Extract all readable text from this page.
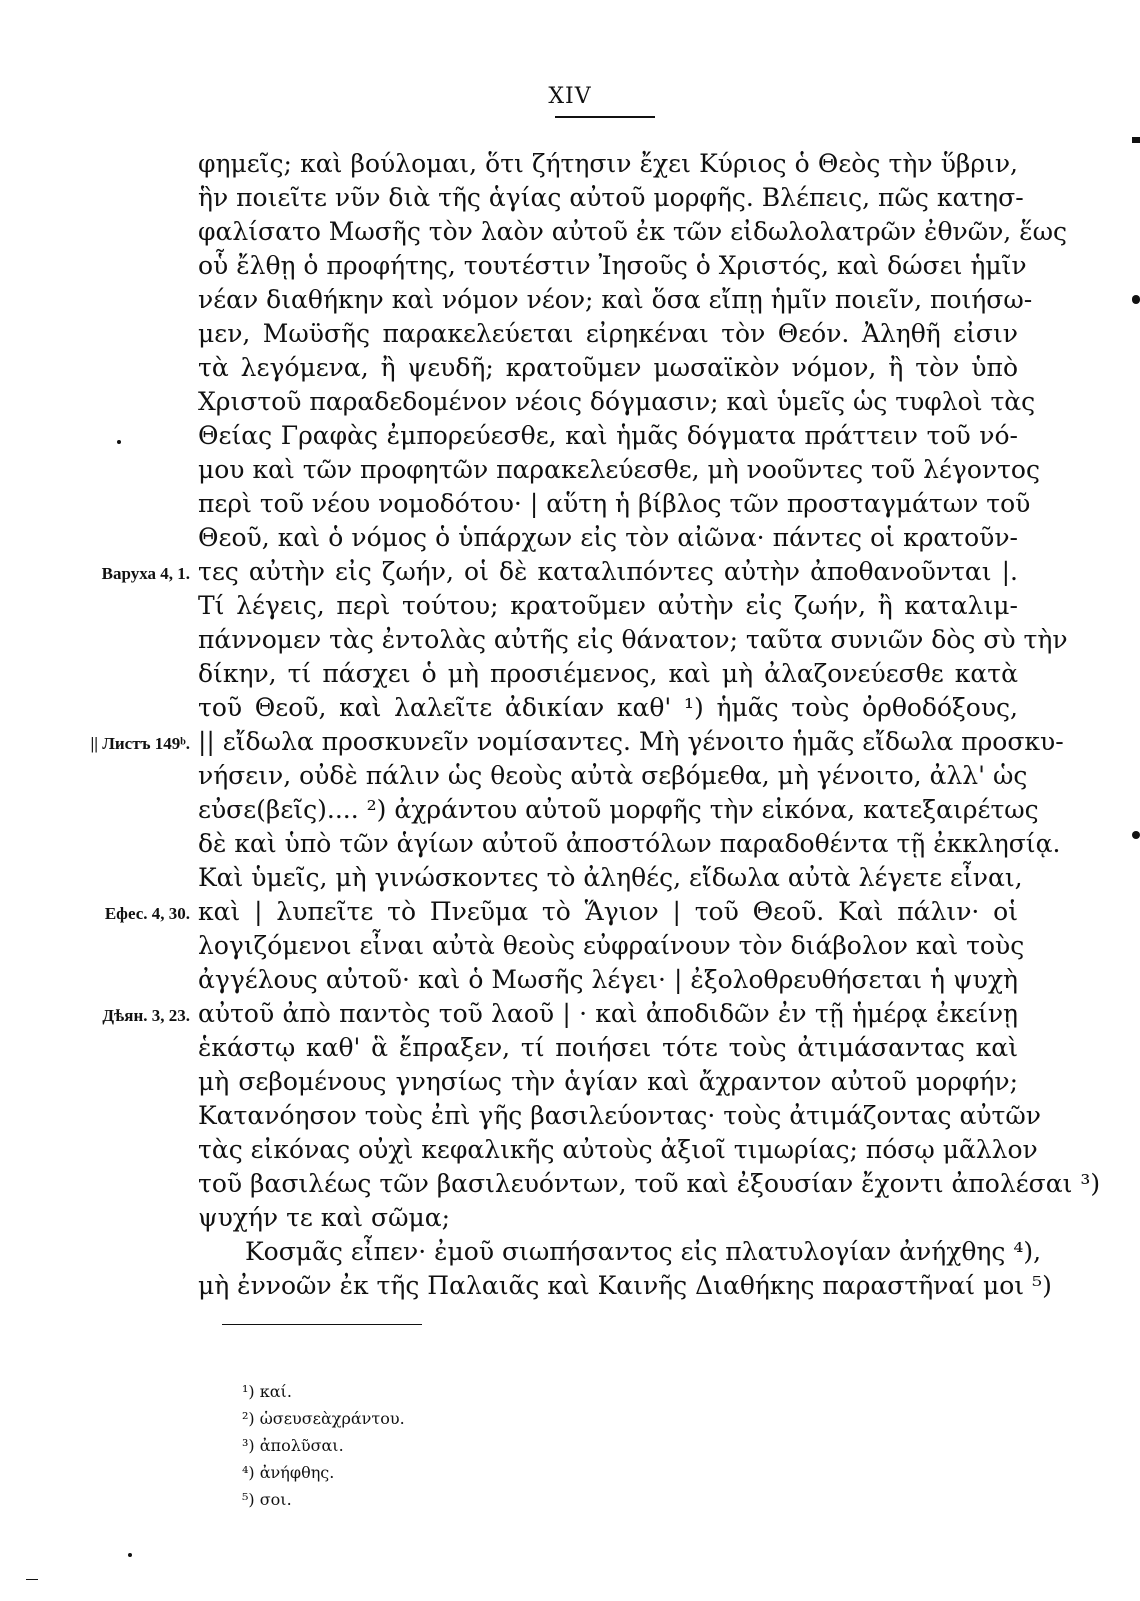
XIV
φημεῖς; καὶ βούλομαι, ὅτι ζήτησιν ἔχει Κύριος ὁ Θεὸς τὴν ὕβριν,
ἣν ποιεῖτε νῦν διὰ τῆς ἁγίας αὐτοῦ μορφῆς. Βλέπεις, πῶς κατησ-
φαλίσατο Μωσῆς τὸν λαὸν αὐτοῦ ἐκ τῶν εἰδωλολατρῶν ἐθνῶν, ἕως
οὗ ἔλθῃ ὁ προφήτης, τουτέστιν Ἰησοῦς ὁ Χριστός, καὶ δώσει ἡμῖν
νέαν διαθήκην καὶ νόμον νέον; καὶ ὅσα εἴπῃ ἡμῖν ποιεῖν, ποιήσω-
μεν, Μωϋσῆς παρακελεύεται εἰρηκέναι τὸν Θεόν. Ἀληθῆ εἰσιν
τὰ λεγόμενα, ἢ ψευδῆ; κρατοῦμεν μωσαϊκὸν νόμον, ἢ τὸν ὑπὸ
Χριστοῦ παραδεδομένον νέοις δόγμασιν; καὶ ὑμεῖς ὡς τυφλοὶ τὰς
Θείας Γραφὰς ἐμπορεύεσθε, καὶ ἡμᾶς δόγματα πράττειν τοῦ νό-
μου καὶ τῶν προφητῶν παρακελεύεσθε, μὴ νοοῦντες τοῦ λέγοντος
περὶ τοῦ νέου νομοδότου· | αὕτη ἡ βίβλος τῶν προσταγμάτων τοῦ
Θεοῦ, καὶ ὁ νόμος ὁ ὑπάρχων εἰς τὸν αἰῶνα· πάντες οἱ κρατοῦν-
τες αὐτὴν εἰς ζωήν, οἱ δὲ καταλιπόντες αὐτὴν ἀποθανοῦνται |.
Τί λέγεις, περὶ τούτου; κρατοῦμεν αὐτὴν εἰς ζωήν, ἢ καταλιμ-
πάννομεν τὰς ἐντολὰς αὐτῆς εἰς θάνατον; ταῦτα συνιῶν δὸς σὺ τὴν
δίκην, τί πάσχει ὁ μὴ προσιέμενος, καὶ μὴ ἀλαζονεύεσθε κατὰ
τοῦ Θεοῦ, καὶ λαλεῖτε ἀδικίαν καθ' ¹) ἡμᾶς τοὺς ὀρθοδόξους,
|| εἴδωλα προσκυνεῖν νομίσαντες. Μὴ γένοιτο ἡμᾶς εἴδωλα προσκυ-
νήσειν, οὐδὲ πάλιν ὡς θεοὺς αὐτὰ σεβόμεθα, μὴ γένοιτο, ἀλλ' ὡς
εὐσε(βεῖς).... ²) ἀχράντου αὐτοῦ μορφῆς τὴν εἰκόνα, κατεξαιρέτως
δὲ καὶ ὑπὸ τῶν ἁγίων αὐτοῦ ἀποστόλων παραδοθέντα τῇ ἐκκλησίᾳ.
Καὶ ὑμεῖς, μὴ γινώσκοντες τὸ ἀληθές, εἴδωλα αὐτὰ λέγετε εἶναι,
καὶ | λυπεῖτε τὸ Πνεῦμα τὸ Ἅγιον | τοῦ Θεοῦ. Καὶ πάλιν· οἱ
λογιζόμενοι εἶναι αὐτὰ θεοὺς εὐφραίνουν τὸν διάβολον καὶ τοὺς
ἀγγέλους αὐτοῦ· καὶ ὁ Μωσῆς λέγει· | ἐξολοθρευθήσεται ἡ ψυχὴ
αὐτοῦ ἀπὸ παντὸς τοῦ λαοῦ | · καὶ ἀποδιδῶν ἐν τῇ ἡμέρᾳ ἐκείνῃ
ἑκάστῳ καθ' ἃ ἔπραξεν, τί ποιήσει τότε τοὺς ἀτιμάσαντας καὶ
μὴ σεβομένους γνησίως τὴν ἁγίαν καὶ ἄχραντον αὐτοῦ μορφήν;
Κατανόησον τοὺς ἐπὶ γῆς βασιλεύοντας· τοὺς ἀτιμάζοντας αὐτῶν
τὰς εἰκόνας οὐχὶ κεφαλικῆς αὐτοὺς ἀξιοῖ τιμωρίας; πόσῳ μᾶλλον
τοῦ βασιλέως τῶν βασιλευόντων, τοῦ καὶ ἐξουσίαν ἔχοντι ἀπολέσαι ³)
ψυχήν τε καὶ σῶμα;
Κοσμᾶς εἶπεν· ἐμοῦ σιωπήσαντος εἰς πλατυλογίαν ἀνήχθης ⁴),
μὴ ἐννοῶν ἐκ τῆς Παλαιᾶς καὶ Καινῆς Διαθήκης παραστῆναί μοι ⁵)
Варуха 4, 1.
|| Листъ 149ᵇ.
Ефес. 4, 30.
Дѣян. 3, 23.
¹) καί.
²) ὡσευσεὰχράντου.
³) ἀπολῦσαι.
⁴) ἀνήφθης.
⁵) σοι.
